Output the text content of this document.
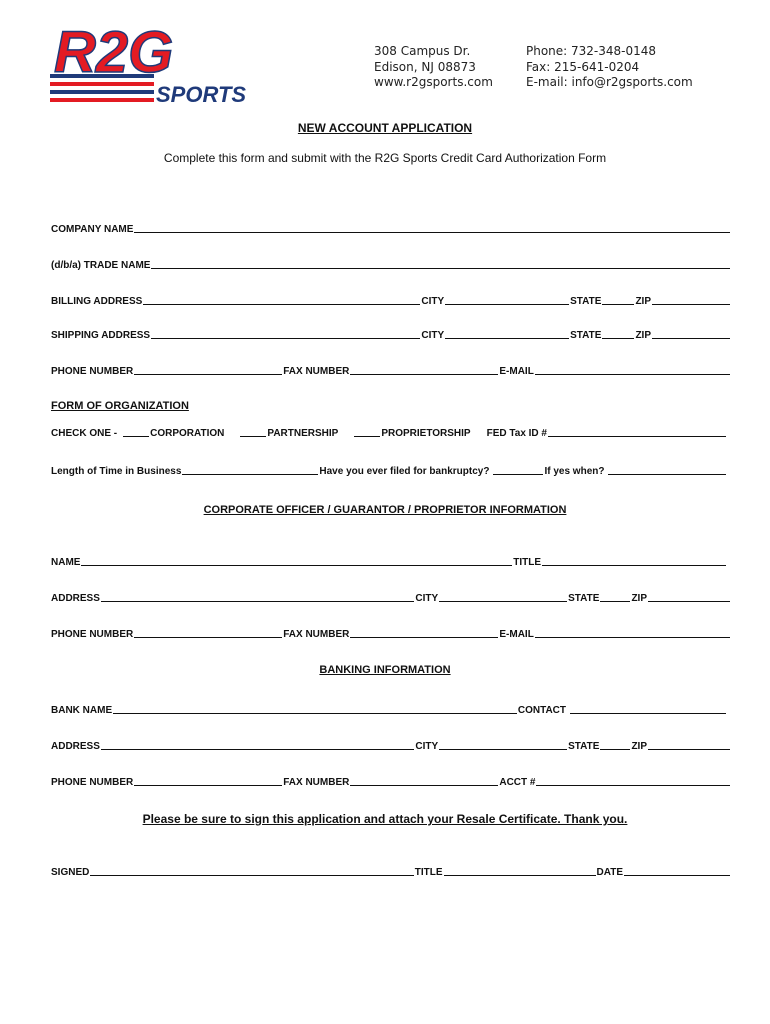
R2G
SPORTS
308 Campus Dr.
Edison, NJ 08873
www.r2gsports.com
Phone: 732-348-0148
Fax: 215-641-0204
E-mail: info@r2gsports.com
NEW ACCOUNT APPLICATION
Complete this form and submit with the R2G Sports Credit Card Authorization Form
COMPANY NAME
(d/b/a) TRADE NAME
BILLING ADDRESS	CITY	STATE	ZIP
SHIPPING ADDRESS	CITY	STATE	ZIP
PHONE NUMBER	FAX NUMBER	E-MAIL
FORM OF ORGANIZATION
CHECK ONE -	CORPORATION	PARTNERSHIP	PROPRIETORSHIP FED Tax ID #
Length of Time in Business	Have you ever filed for bankruptcy?	If yes when?
CORPORATE OFFICER / GUARANTOR / PROPRIETOR INFORMATION
NAME	TITLE
ADDRESS	CITY	STATE	ZIP
PHONE NUMBER	FAX NUMBER	E-MAIL
BANKING INFORMATION
BANK NAME	CONTACT
ADDRESS	CITY	STATE	ZIP
PHONE NUMBER	FAX NUMBER	ACCT #
Please be sure to sign this application and attach your Resale Certificate. Thank you.
SIGNED	TITLE	DATE
